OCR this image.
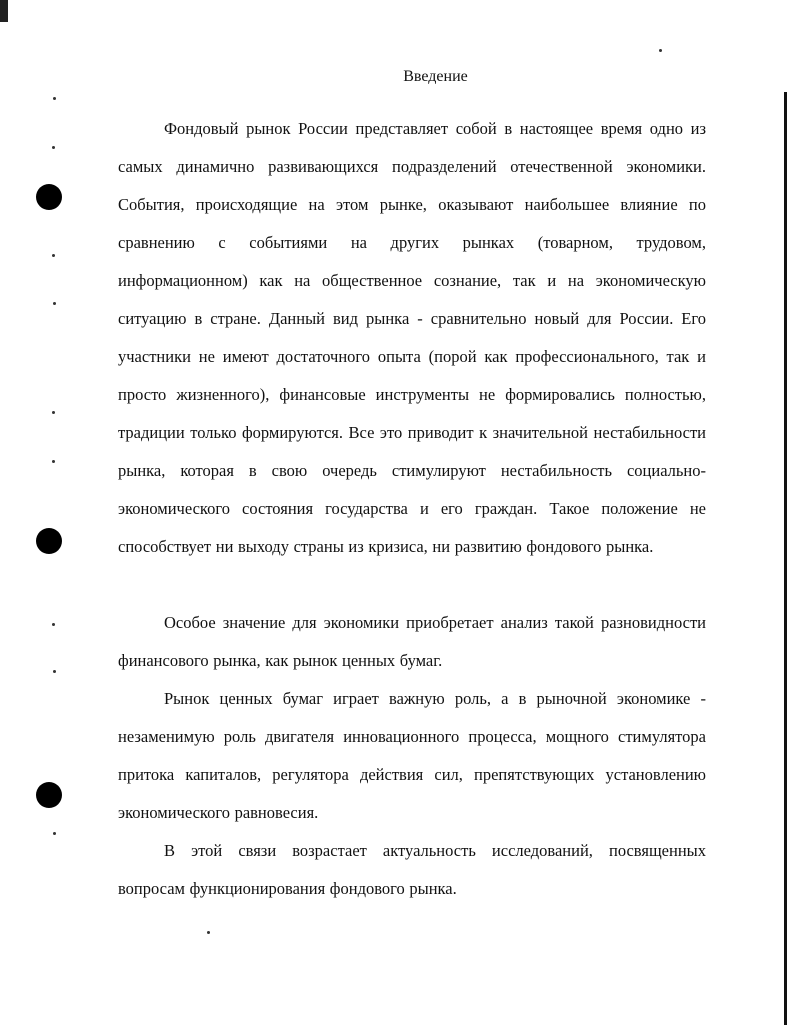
Введение

Фондовый рынок России представляет собой в настоящее время одно из самых динамично развивающихся подразделений отечественной экономики. События, происходящие на этом рынке, оказывают наибольшее влияние по сравнению с событиями на других рынках (товарном, трудовом, информационном) как на общественное сознание, так и на экономическую ситуацию в стране. Данный вид рынка - сравнительно новый для России. Его участники не имеют достаточного опыта (порой как профессионального, так и просто жизненного), финансовые инструменты не формировались полностью, традиции только формируются. Все это приводит к значительной нестабильности рынка, которая в свою очередь стимулируют нестабильность социально-экономического состояния государства и его граждан. Такое положение не способствует ни выходу страны из кризиса, ни развитию фондового рынка.

Особое значение для экономики приобретает анализ такой разновидности финансового рынка, как рынок ценных бумаг.

Рынок ценных бумаг играет важную роль, а в рыночной экономике - незаменимую роль двигателя инновационного процесса, мощного стимулятора притока капиталов, регулятора действия сил, препятствующих установлению экономического равновесия.

В этой связи возрастает актуальность исследований, посвященных вопросам функционирования фондового рынка.
